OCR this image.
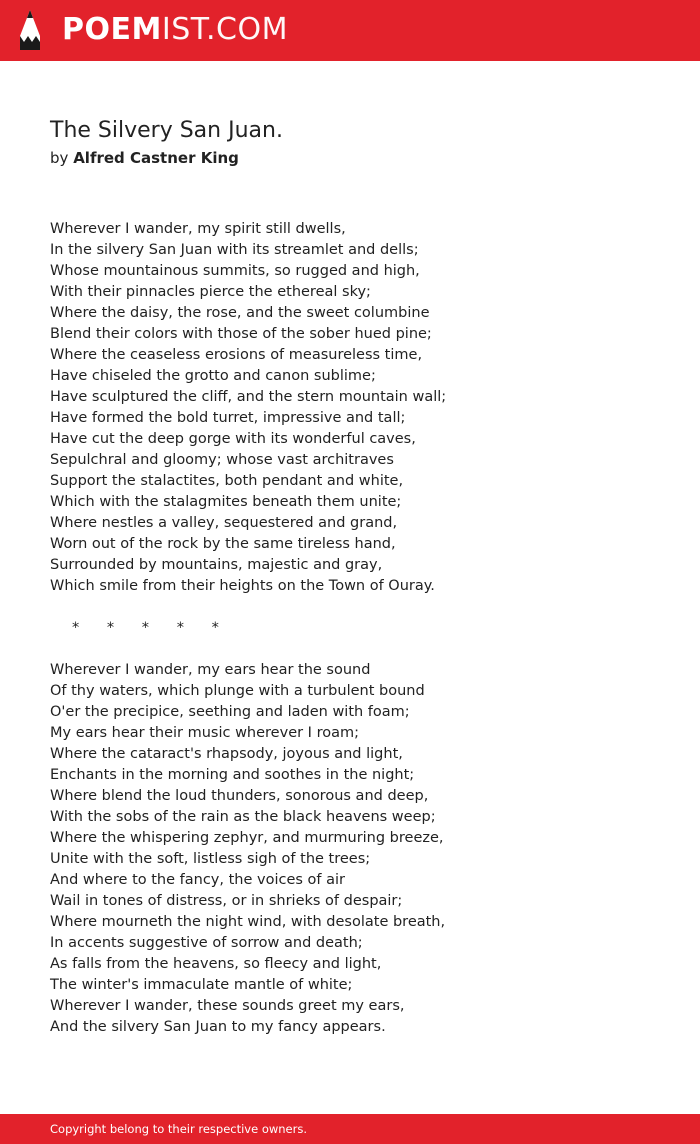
POEMIST.COM
The Silvery San Juan.
by Alfred Castner King
Wherever I wander, my spirit still dwells,
In the silvery San Juan with its streamlet and dells;
Whose mountainous summits, so rugged and high,
With their pinnacles pierce the ethereal sky;
Where the daisy, the rose, and the sweet columbine
Blend their colors with those of the sober hued pine;
Where the ceaseless erosions of measureless time,
Have chiseled the grotto and canon sublime;
Have sculptured the cliff, and the stern mountain wall;
Have formed the bold turret, impressive and tall;
Have cut the deep gorge with its wonderful caves,
Sepulchral and gloomy; whose vast architraves
Support the stalactites, both pendant and white,
Which with the stalagmites beneath them unite;
Where nestles a valley, sequestered and grand,
Worn out of the rock by the same tireless hand,
Surrounded by mountains, majestic and gray,
Which smile from their heights on the Town of Ouray.
*      *      *      *      *
Wherever I wander, my ears hear the sound
Of thy waters, which plunge with a turbulent bound
O'er the precipice, seething and laden with foam;
My ears hear their music wherever I roam;
Where the cataract's rhapsody, joyous and light,
Enchants in the morning and soothes in the night;
Where blend the loud thunders, sonorous and deep,
With the sobs of the rain as the black heavens weep;
Where the whispering zephyr, and murmuring breeze,
Unite with the soft, listless sigh of the trees;
And where to the fancy, the voices of air
Wail in tones of distress, or in shrieks of despair;
Where mourneth the night wind, with desolate breath,
In accents suggestive of sorrow and death;
As falls from the heavens, so fleecy and light,
The winter's immaculate mantle of white;
Wherever I wander, these sounds greet my ears,
And the silvery San Juan to my fancy appears.
Copyright belong to their respective owners.
